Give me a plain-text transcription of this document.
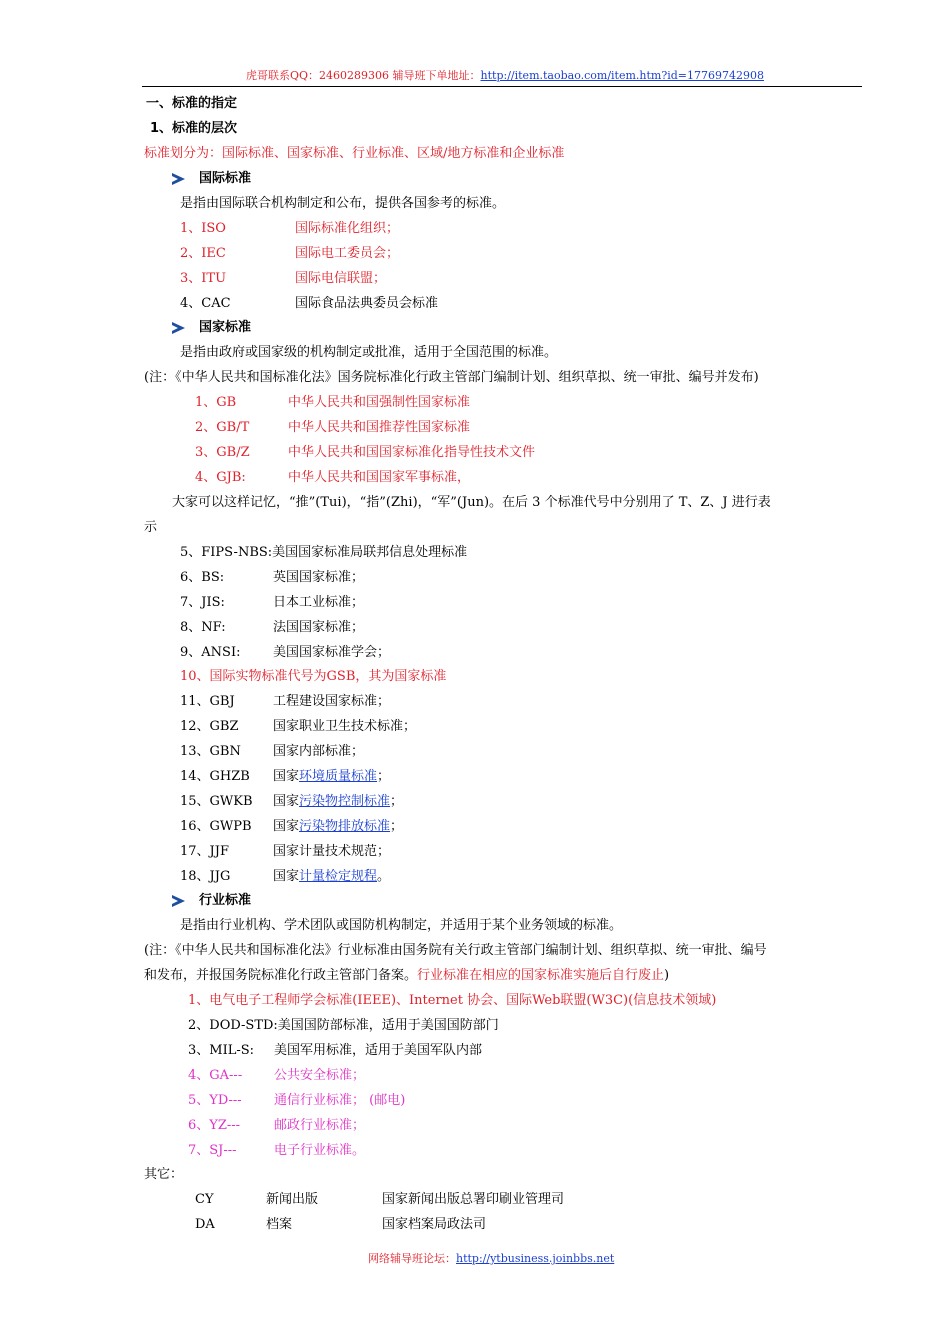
虎哥联系QQ：2460289306 辅导班下单地址：http://item.taobao.com/item.htm?id=17769742908
一、标准的指定
1、标准的层次
标准划分为：国际标准、国家标准、行业标准、区域/地方标准和企业标准
国际标准
是指由国际联合机构制定和公布，提供各国参考的标准。
1、ISO	国际标准化组织；
2、IEC	国际电工委员会；
3、ITU	国际电信联盟；
4、CAC	国际食品法典委员会标准
国家标准
是指由政府或国家级的机构制定或批准，适用于全国范围的标准。
(注：《中华人民共和国标准化法》国务院标准化行政主管部门编制计划、组织草拟、统一审批、编号并发布)
1、GB	中华人民共和国强制性国家标准
2、GB/T	中华人民共和国推荐性国家标准
3、GB/Z	中华人民共和国国家标准化指导性技术文件
4、GJB:	中华人民共和国国家军事标准，
大家可以这样记忆，“推”(Tui)，“指”(Zhi)，“军”(Jun)。在后 3 个标准代号中分别用了 T、Z、J 进行表
示
5、FIPS-NBS:美国国家标准局联邦信息处理标准
6、BS:	英国国家标准；
7、JIS:	日本工业标准；
8、NF:	法国国家标准；
9、ANSI:	美国国家标准学会；
10、国际实物标准代号为GSB，其为国家标准
11、GBJ	工程建设国家标准；
12、GBZ	国家职业卫生技术标准；
13、GBN 国家内部标准；
14、GHZB 国家环境质量标准；
15、GWKB 国家污染物控制标准；
16、GWPB 国家污染物排放标准；
17、JJF	国家计量技术规范；
18、JJG	国家计量检定规程。
行业标准
是指由行业机构、学术团队或国防机构制定，并适用于某个业务领域的标准。
(注：《中华人民共和国标准化法》行业标准由国务院有关行政主管部门编制计划、组织草拟、统一审批、编号
和发布，并报国务院标准化行政主管部门备案。行业标准在相应的国家标准实施后自行废止)
1、电气电子工程师学会标准(IEEE)、Internet 协会、国际Web联盟(W3C)(信息技术领域)
2、DOD-STD:美国国防部标准，适用于美国国防部门
3、MIL-S: 美国军用标准，适用于美国军队内部
4、GA--- 公共安全标准；
5、YD--- 通信行业标准； (邮电)
6、YZ---	邮政行业标准；
7、SJ---	电子行业标准。
其它：
CY	新闻出版	国家新闻出版总署印刷业管理司
DA	档案	国家档案局政法司
网络辅导班论坛：http://ytbusiness.joinbbs.net
